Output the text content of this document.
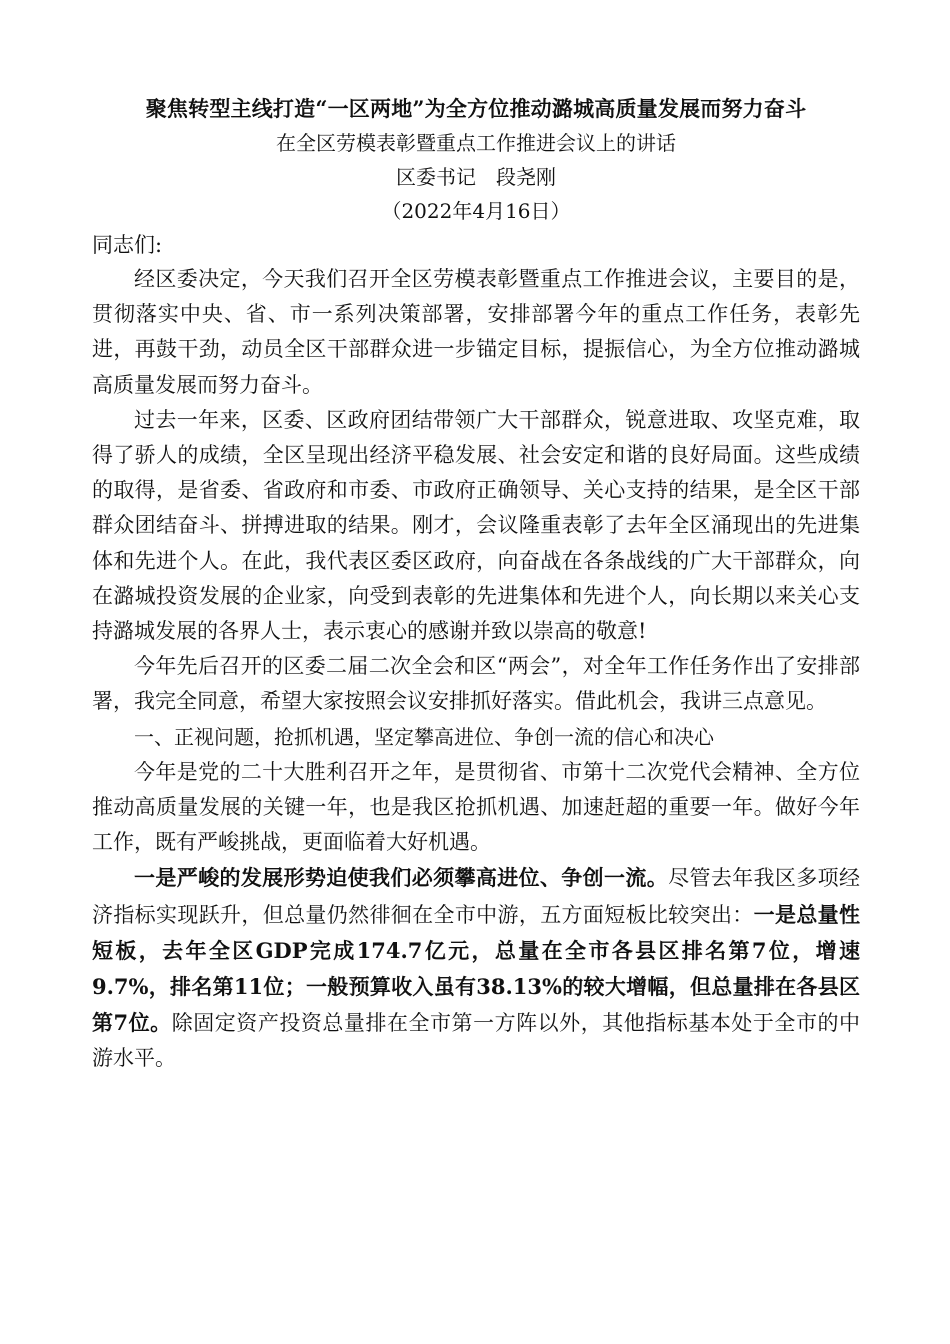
聚焦转型主线打造“一区两地”为全方位推动潞城高质量发展而努力奋斗

在全区劳模表彰暨重点工作推进会议上的讲话

区委书记 段尧刚

（2022年4月16日）

同志们:

经区委决定，今天我们召开全区劳模表彰暨重点工作推进会议，主要目的是，贯彻落实中央、省、市一系列决策部署，安排部署今年的重点工作任务，表彰先进，再鼓干劲，动员全区干部群众进一步锚定目标，提振信心，为全方位推动潞城高质量发展而努力奋斗。

过去一年来，区委、区政府团结带领广大干部群众，锐意进取、攻坚克难，取得了骄人的成绩，全区呈现出经济平稳发展、社会安定和谐的良好局面。这些成绩的取得，是省委、省政府和市委、市政府正确领导、关心支持的结果，是全区干部群众团结奋斗、拼搏进取的结果。刚才，会议隆重表彰了去年全区涌现出的先进集体和先进个人。在此，我代表区委区政府，向奋战在各条战线的广大干部群众，向在潞城投资发展的企业家，向受到表彰的先进集体和先进个人，向长期以来关心支持潞城发展的各界人士，表示衷心的感谢并致以崇高的敬意!

今年先后召开的区委二届二次全会和区“两会”，对全年工作任务作出了安排部署，我完全同意，希望大家按照会议安排抓好落实。借此机会，我讲三点意见。

一、正视问题，抢抓机遇，坚定攀高进位、争创一流的信心和决心

今年是党的二十大胜利召开之年，是贯彻省、市第十二次党代会精神、全方位推动高质量发展的关键一年，也是我区抢抓机遇、加速赶超的重要一年。做好今年工作，既有严峻挑战，更面临着大好机遇。

一是严峻的发展形势迫使我们必须攀高进位、争创一流。尽管去年我区多项经济指标实现跃升，但总量仍然徘徊在全市中游，五方面短板比较突出：一是总量性短板，去年全区GDP完成174.7亿元，总量在全市各县区排名第7位，增速9.7%，排名第11位；一般预算收入虽有38.13%的较大增幅，但总量排在各县区第7位。除固定资产投资总量排在全市第一方阵以外，其他指标基本处于全市的中游水平。
